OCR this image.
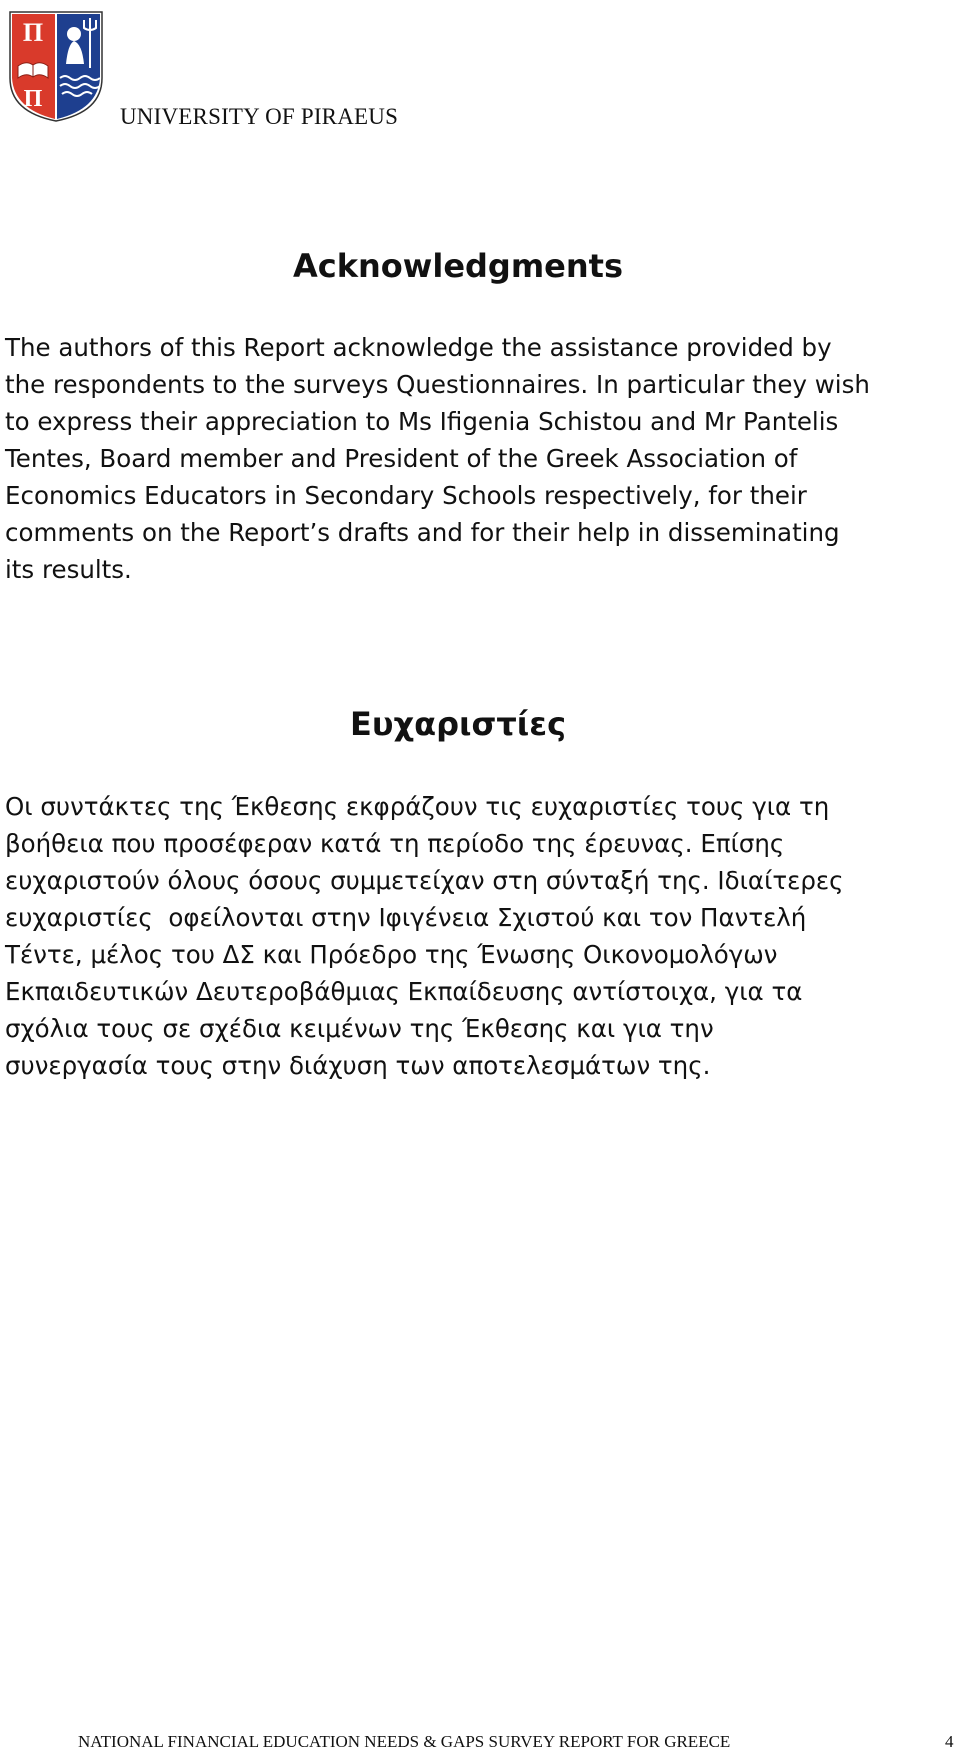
Π
Π
UNIVERSITY OF PIRAEUS
Acknowledgments
The authors of this Report acknowledge the assistance provided by
the respondents to the surveys Questionnaires. In particular they wish
to express their appreciation to Ms Ifigenia Schistou and Mr Pantelis
Tentes, Board member and President of the Greek Association of
Economics Educators in Secondary Schools respectively, for their
comments on the Report’s drafts and for their help in disseminating
its results.
Ευχαριστίες
Οι συντάκτες της Έκθεσης εκφράζουν τις ευχαριστίες τους για τη
βοήθεια που προσέφεραν κατά τη περίοδο της έρευνας. Επίσης
ευχαριστούν όλους όσους συμμετείχαν στη σύνταξή της. Ιδιαίτερες
ευχαριστίες  οφείλονται στην Ιφιγένεια Σχιστού και τον Παντελή
Τέντε, μέλος του ΔΣ και Πρόεδρο της Ένωσης Οικονομολόγων
Εκπαιδευτικών Δευτεροβάθμιας Εκπαίδευσης αντίστοιχα, για τα
σχόλια τους σε σχέδια κειμένων της Έκθεσης και για την
συνεργασία τους στην διάχυση των αποτελεσμάτων της.
NATIONAL FINANCIAL EDUCATION NEEDS & GAPS SURVEY REPORT FOR GREECE	4
